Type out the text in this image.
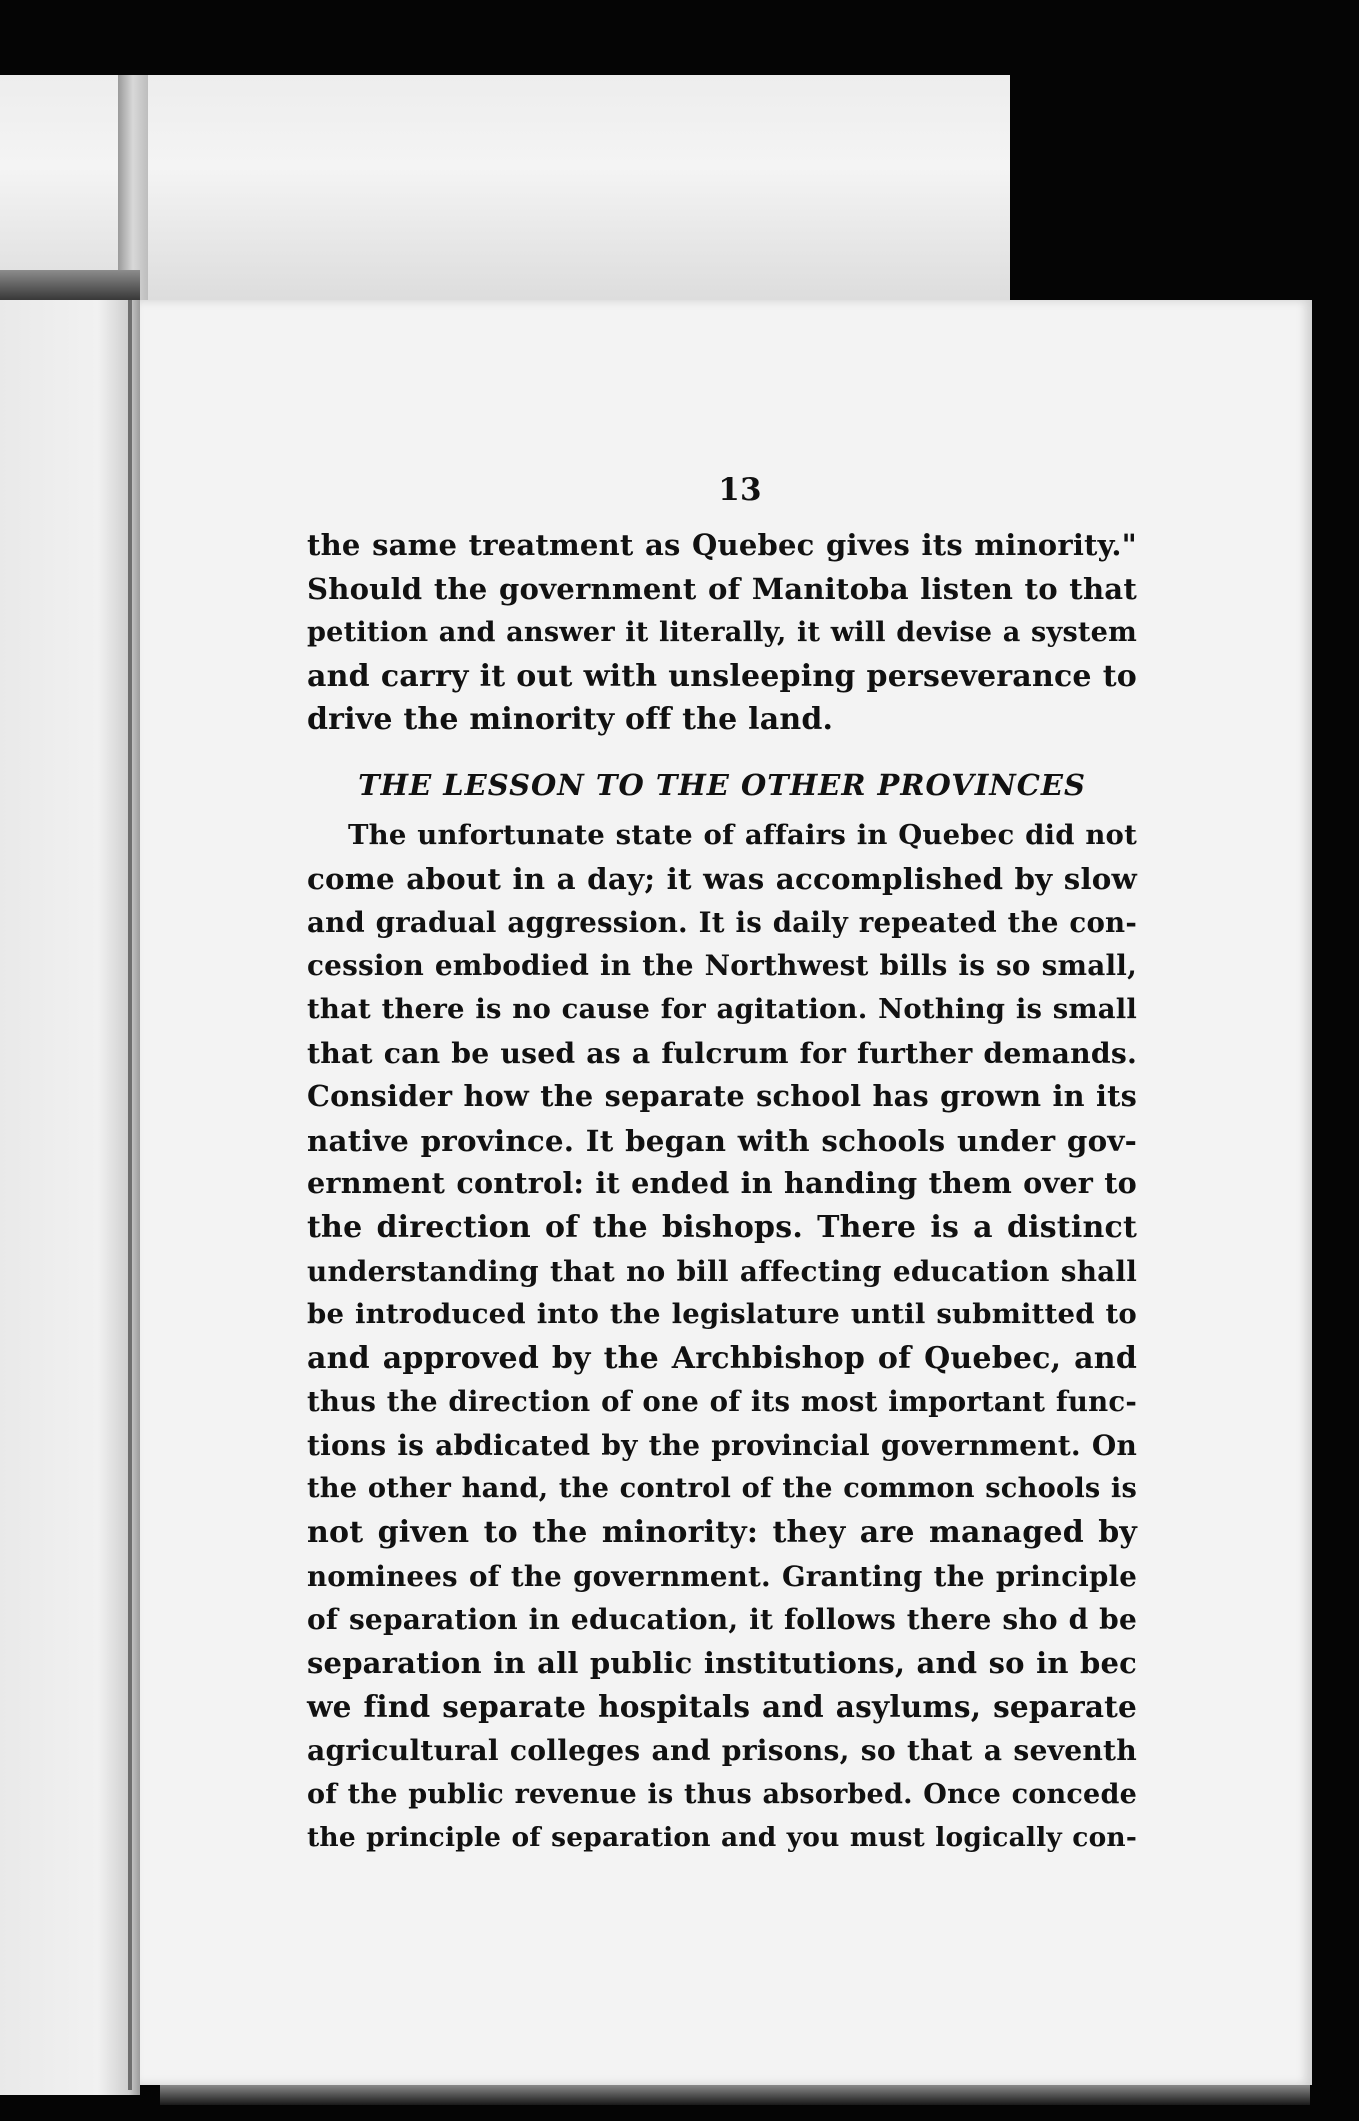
13
the same treatment as Quebec gives its minority."
Should the government of Manitoba listen to that
petition and answer it literally, it will devise a system
and carry it out with unsleeping perseverance to
drive the minority off the land.
THE LESSON TO THE OTHER PROVINCES
The unfortunate state of affairs in Quebec did not
come about in a day; it was accomplished by slow
and gradual aggression. It is daily repeated the con-
cession embodied in the Northwest bills is so small,
that there is no cause for agitation. Nothing is small
that can be used as a fulcrum for further demands.
Consider how the separate school has grown in its
native province. It began with schools under gov-
ernment control: it ended in handing them over to
the direction of the bishops. There is a distinct
understanding that no bill affecting education shall
be introduced into the legislature until submitted to
and approved by the Archbishop of Quebec, and
thus the direction of one of its most important func-
tions is abdicated by the provincial government. On
the other hand, the control of the common schools is
not given to the minority: they are managed by
nominees of the government. Granting the principle
of separation in education, it follows there sho d be
separation in all public institutions, and so in bec
we find separate hospitals and asylums, separate
agricultural colleges and prisons, so that a seventh
of the public revenue is thus absorbed. Once concede
the principle of separation and you must logically con-
